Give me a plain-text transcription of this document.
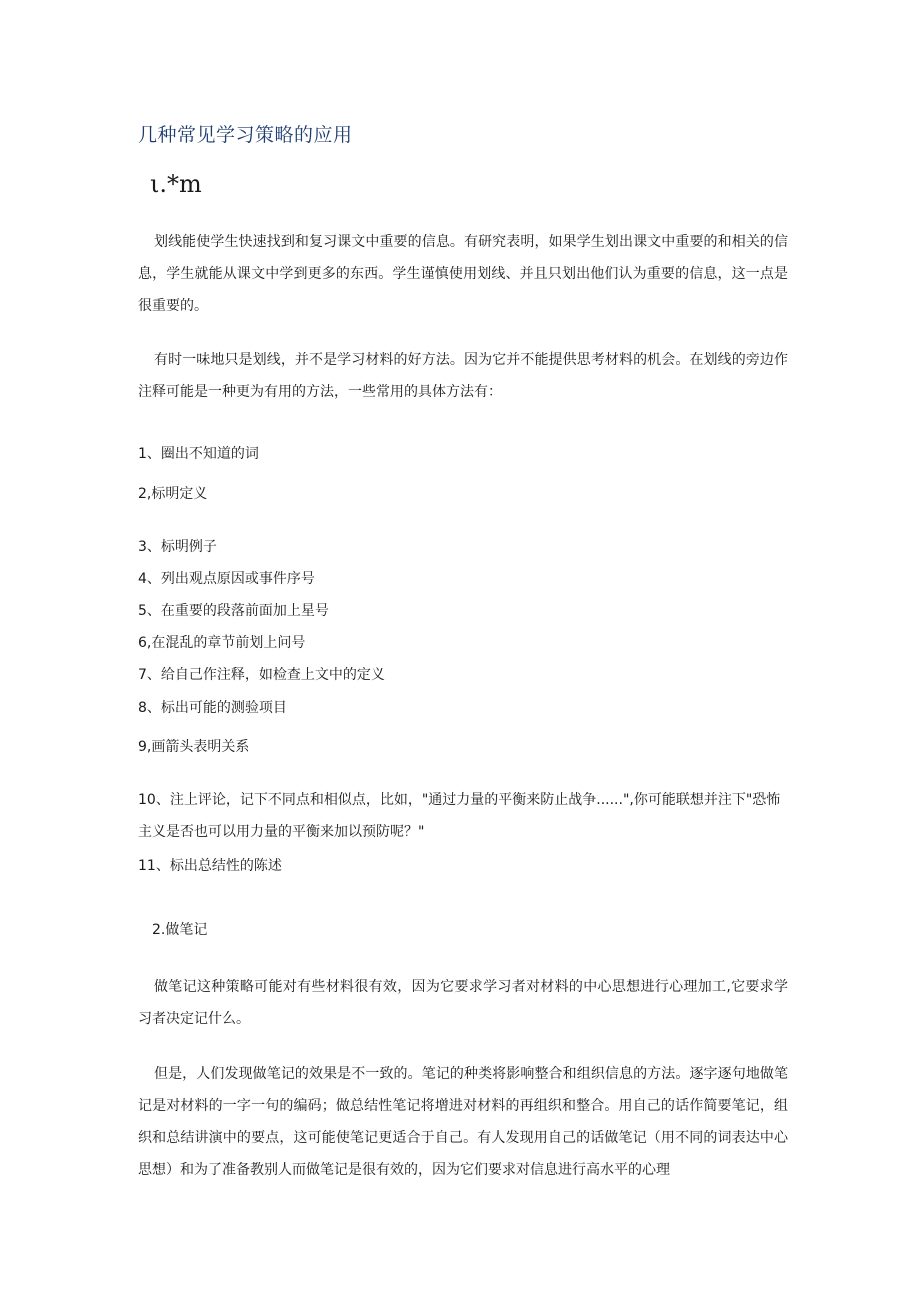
几种常见学习策略的应用
ι.*m
划线能使学生快速找到和复习课文中重要的信息。有研究表明，如果学生划出课文中重要的和相关的信息，学生就能从课文中学到更多的东西。学生谨慎使用划线、并且只划出他们认为重要的信息，这一点是很重要的。
有时一味地只是划线，并不是学习材料的好方法。因为它并不能提供思考材料的机会。在划线的旁边作注释可能是一种更为有用的方法，一些常用的具体方法有：
1、圈出不知道的词
2,标明定义
3、标明例子
4、列出观点原因或事件序号
5、在重要的段落前面加上星号
6,在混乱的章节前划上问号
7、给自己作注释，如检查上文中的定义
8、标出可能的测验项目
9,画箭头表明关系
10、注上评论，记下不同点和相似点，比如，"通过力量的平衡来防止战争......",你可能联想并注下"恐怖主义是否也可以用力量的平衡来加以预防呢？"
11、标出总结性的陈述
2.做笔记
做笔记这种策略可能对有些材料很有效，因为它要求学习者对材料的中心思想进行心理加工,它要求学习者决定记什么。
但是，人们发现做笔记的效果是不一致的。笔记的种类将影响整合和组织信息的方法。逐字逐句地做笔记是对材料的一字一句的编码；做总结性笔记将增进对材料的再组织和整合。用自己的话作简要笔记，组织和总结讲演中的要点，这可能使笔记更适合于自己。有人发现用自己的话做笔记（用不同的词表达中心思想）和为了准备教别人而做笔记是很有效的，因为它们要求对信息进行高水平的心理
